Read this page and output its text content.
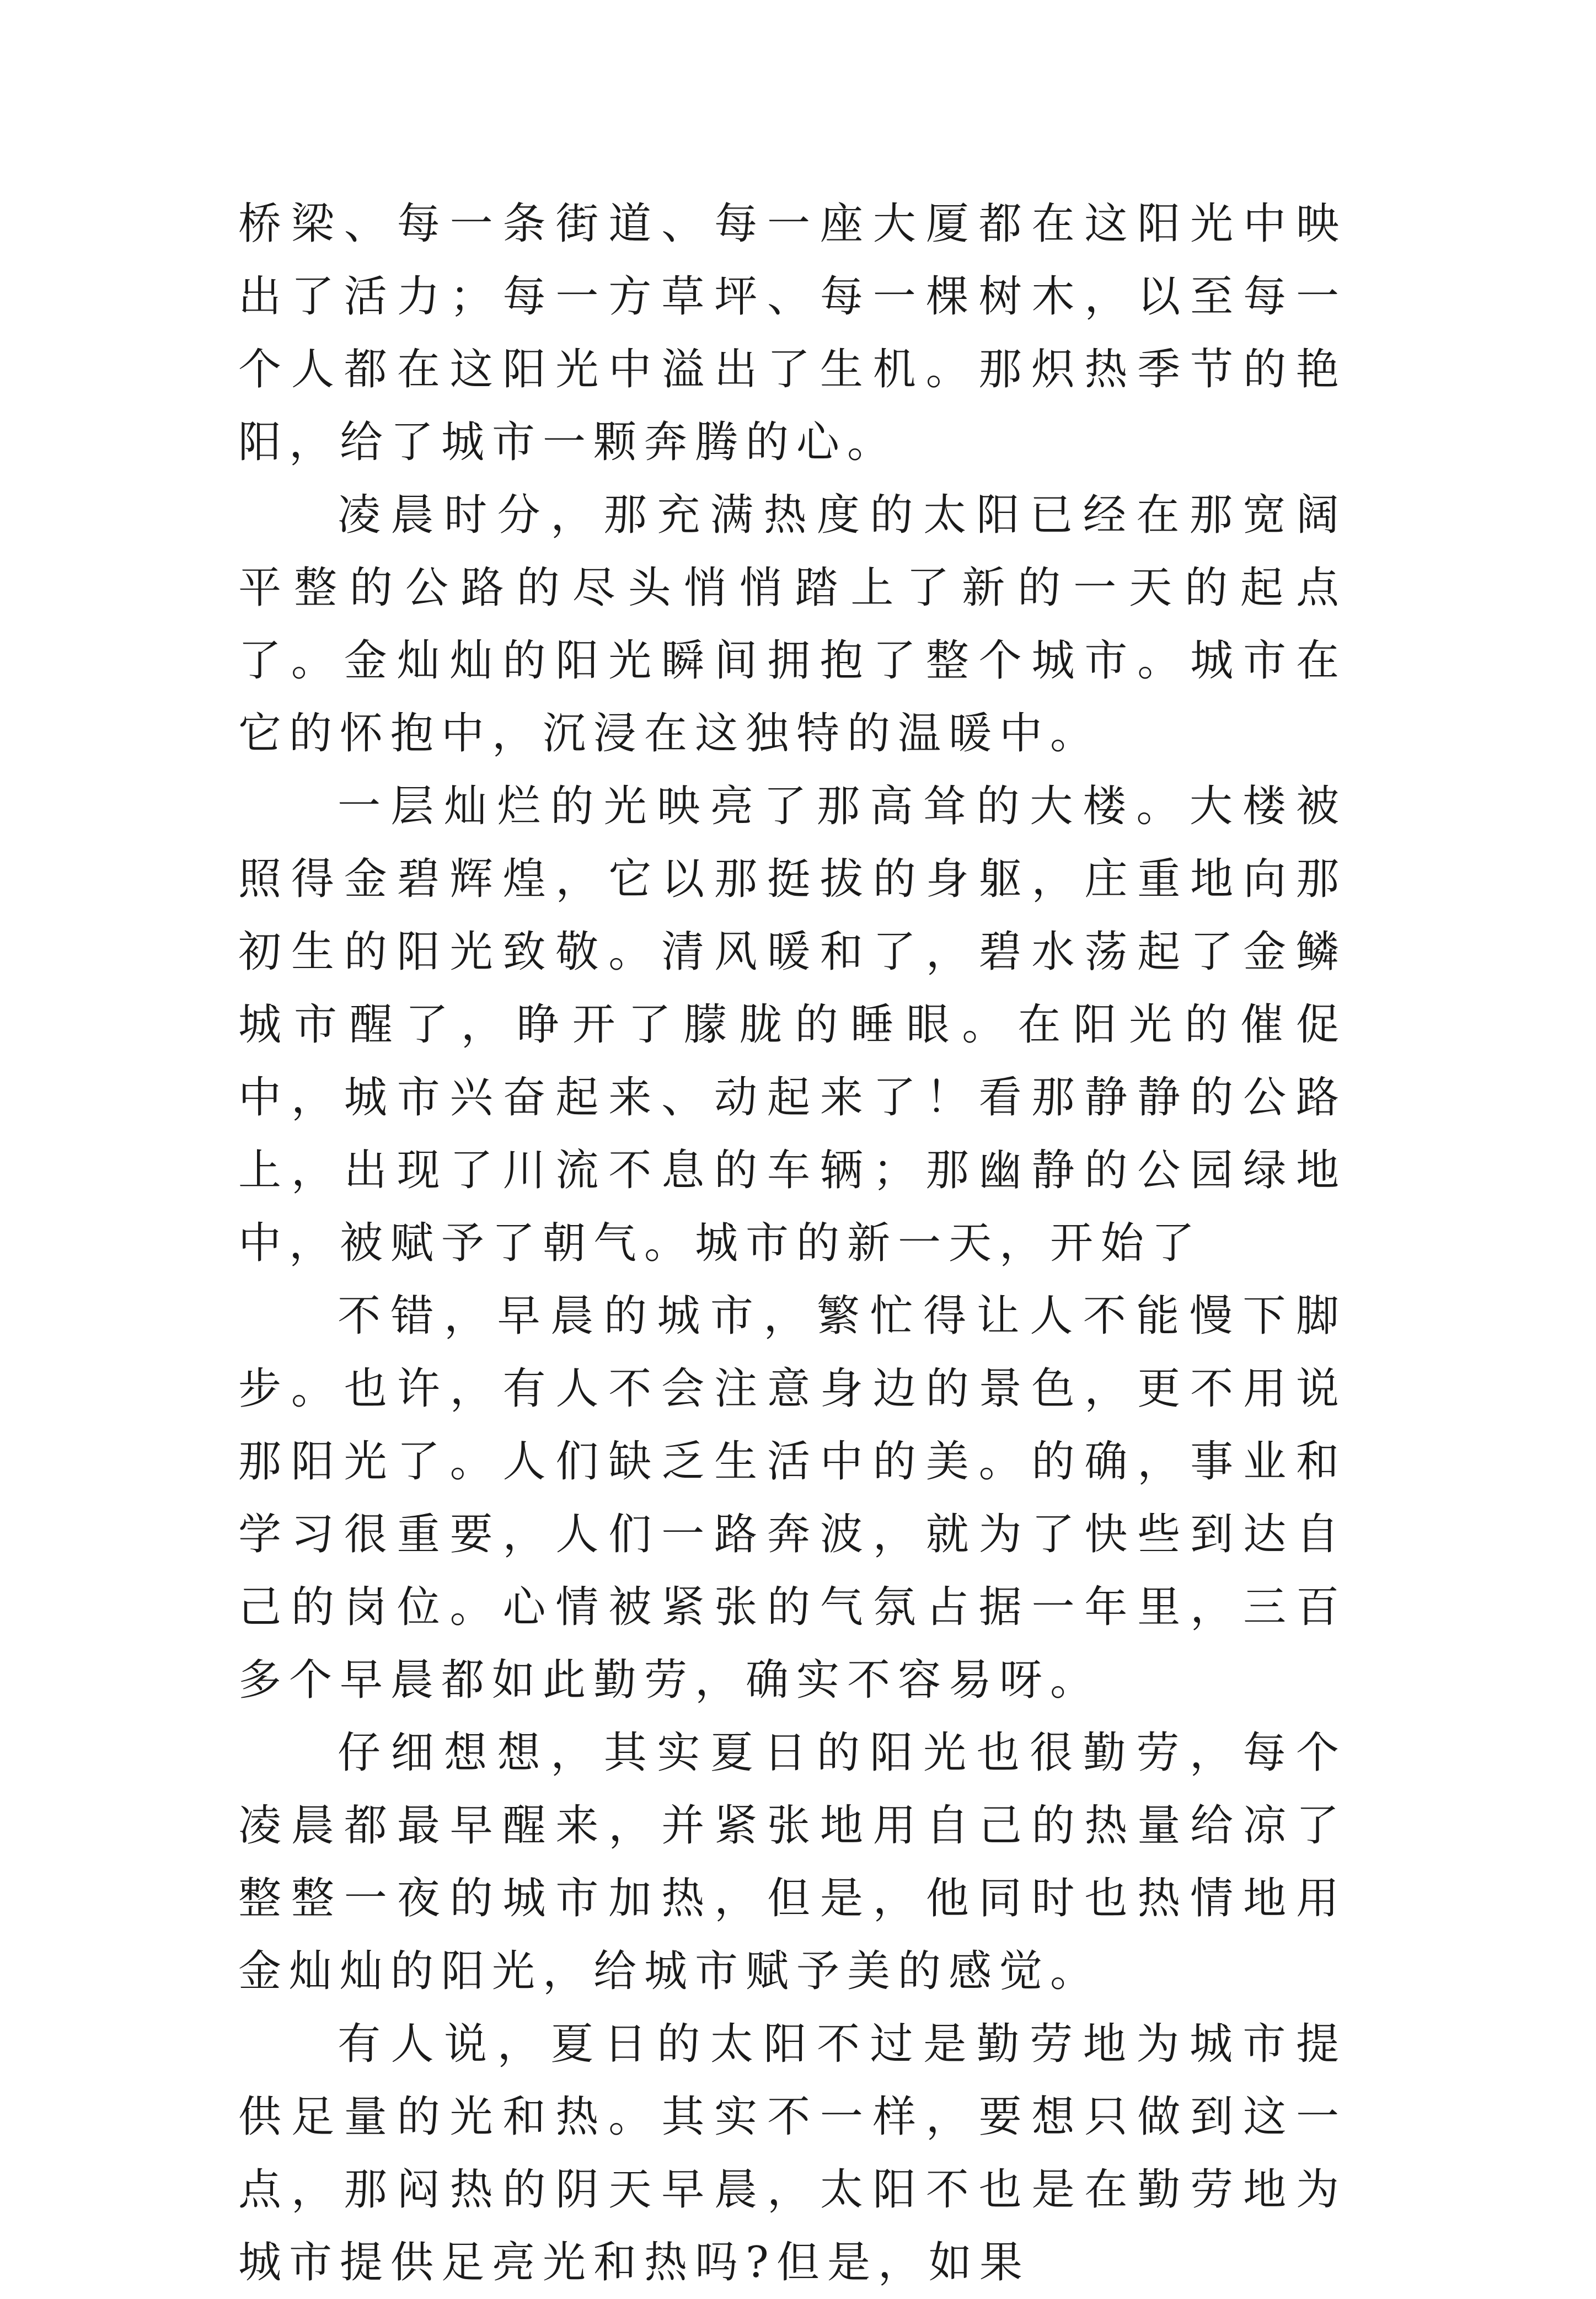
桥梁、每一条街道、每一座大厦都在这阳光中映出了活力；每一方草坪、每一棵树木，以至每一个人都在这阳光中溢出了生机。那炽热季节的艳阳，给了城市一颗奔腾的心。

凌晨时分，那充满热度的太阳已经在那宽阔平整的公路的尽头悄悄踏上了新的一天的起点了。金灿灿的阳光瞬间拥抱了整个城市。城市在它的怀抱中，沉浸在这独特的温暖中。

一层灿烂的光映亮了那高耸的大楼。大楼被照得金碧辉煌，它以那挺拔的身躯，庄重地向那初生的阳光致敬。清风暖和了，碧水荡起了金鳞城市醒了，睁开了朦胧的睡眼。在阳光的催促中，城市兴奋起来、动起来了！看那静静的公路上，出现了川流不息的车辆；那幽静的公园绿地中，被赋予了朝气。城市的新一天，开始了

不错，早晨的城市，繁忙得让人不能慢下脚步。也许，有人不会注意身边的景色，更不用说那阳光了。人们缺乏生活中的美。的确，事业和学习很重要，人们一路奔波，就为了快些到达自己的岗位。心情被紧张的气氛占据一年里，三百多个早晨都如此勤劳，确实不容易呀。

仔细想想，其实夏日的阳光也很勤劳，每个凌晨都最早醒来，并紧张地用自己的热量给凉了整整一夜的城市加热，但是，他同时也热情地用金灿灿的阳光，给城市赋予美的感觉。

有人说，夏日的太阳不过是勤劳地为城市提供足量的光和热。其实不一样，要想只做到这一点，那闷热的阴天早晨，太阳不也是在勤劳地为城市提供足亮光和热吗?但是，如果
